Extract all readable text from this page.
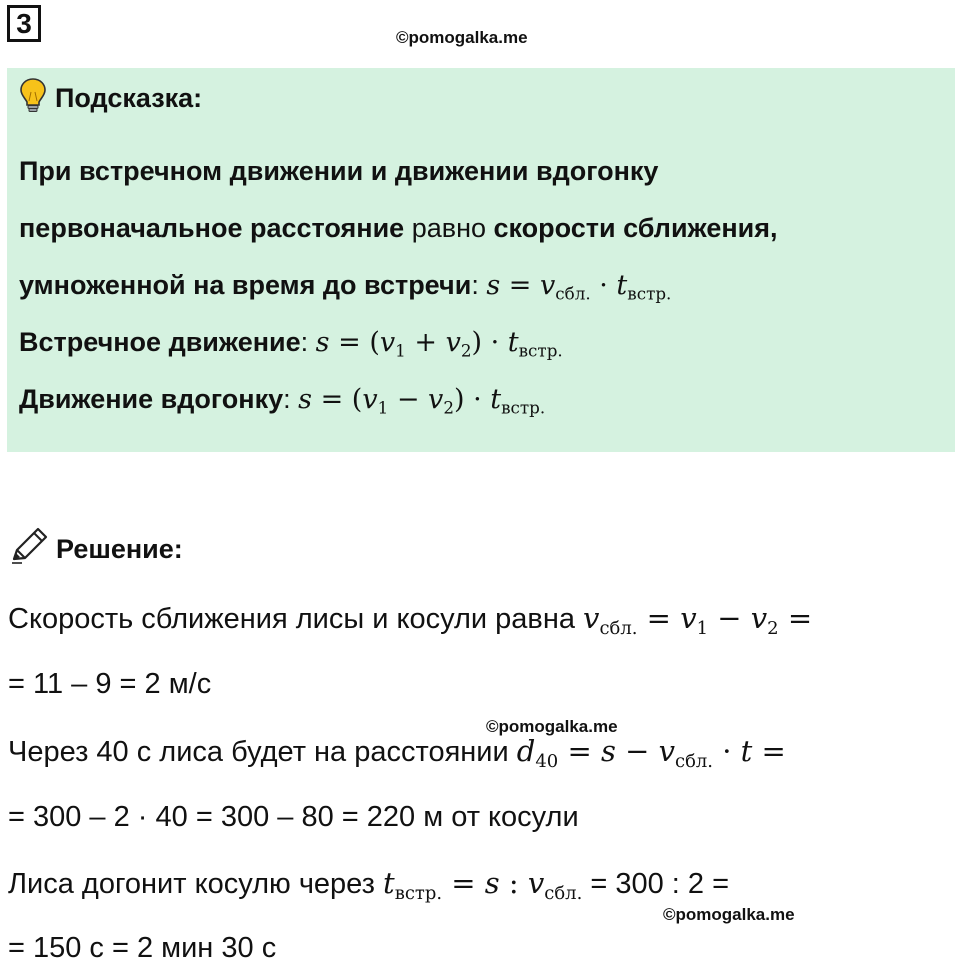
3	©pomogalka.me
Подсказка:
При встречном движении и движении вдогонку
первоначальное расстояние равно скорости сближения,
умноженной на время до встречи: $s = v_{сбл.} \cdot t_{встр.}$
Встречное движение: $s = (v_1 + v_2) \cdot t_{встр.}$
Движение вдогонку: $s = (v_1 - v_2) \cdot t_{встр.}$
Решение:
Скорость сближения лисы и косули равна $v_{сбл.} = v_1 - v_2$ =
= 11 – 9 = 2 м/с
©pomogalka.me
Через 40 с лиса будет на расстоянии $d_{40} = s - v_{сбл.} \cdot t$ =
= 300 – 2 · 40 = 300 – 80 = 220 м от косули
Лиса догонит косулю через $t_{встр.} = s$ : $v_{сбл.} = 300$ : 2 =
©pomogalka.me
= 150 с = 2 мин 30 с
